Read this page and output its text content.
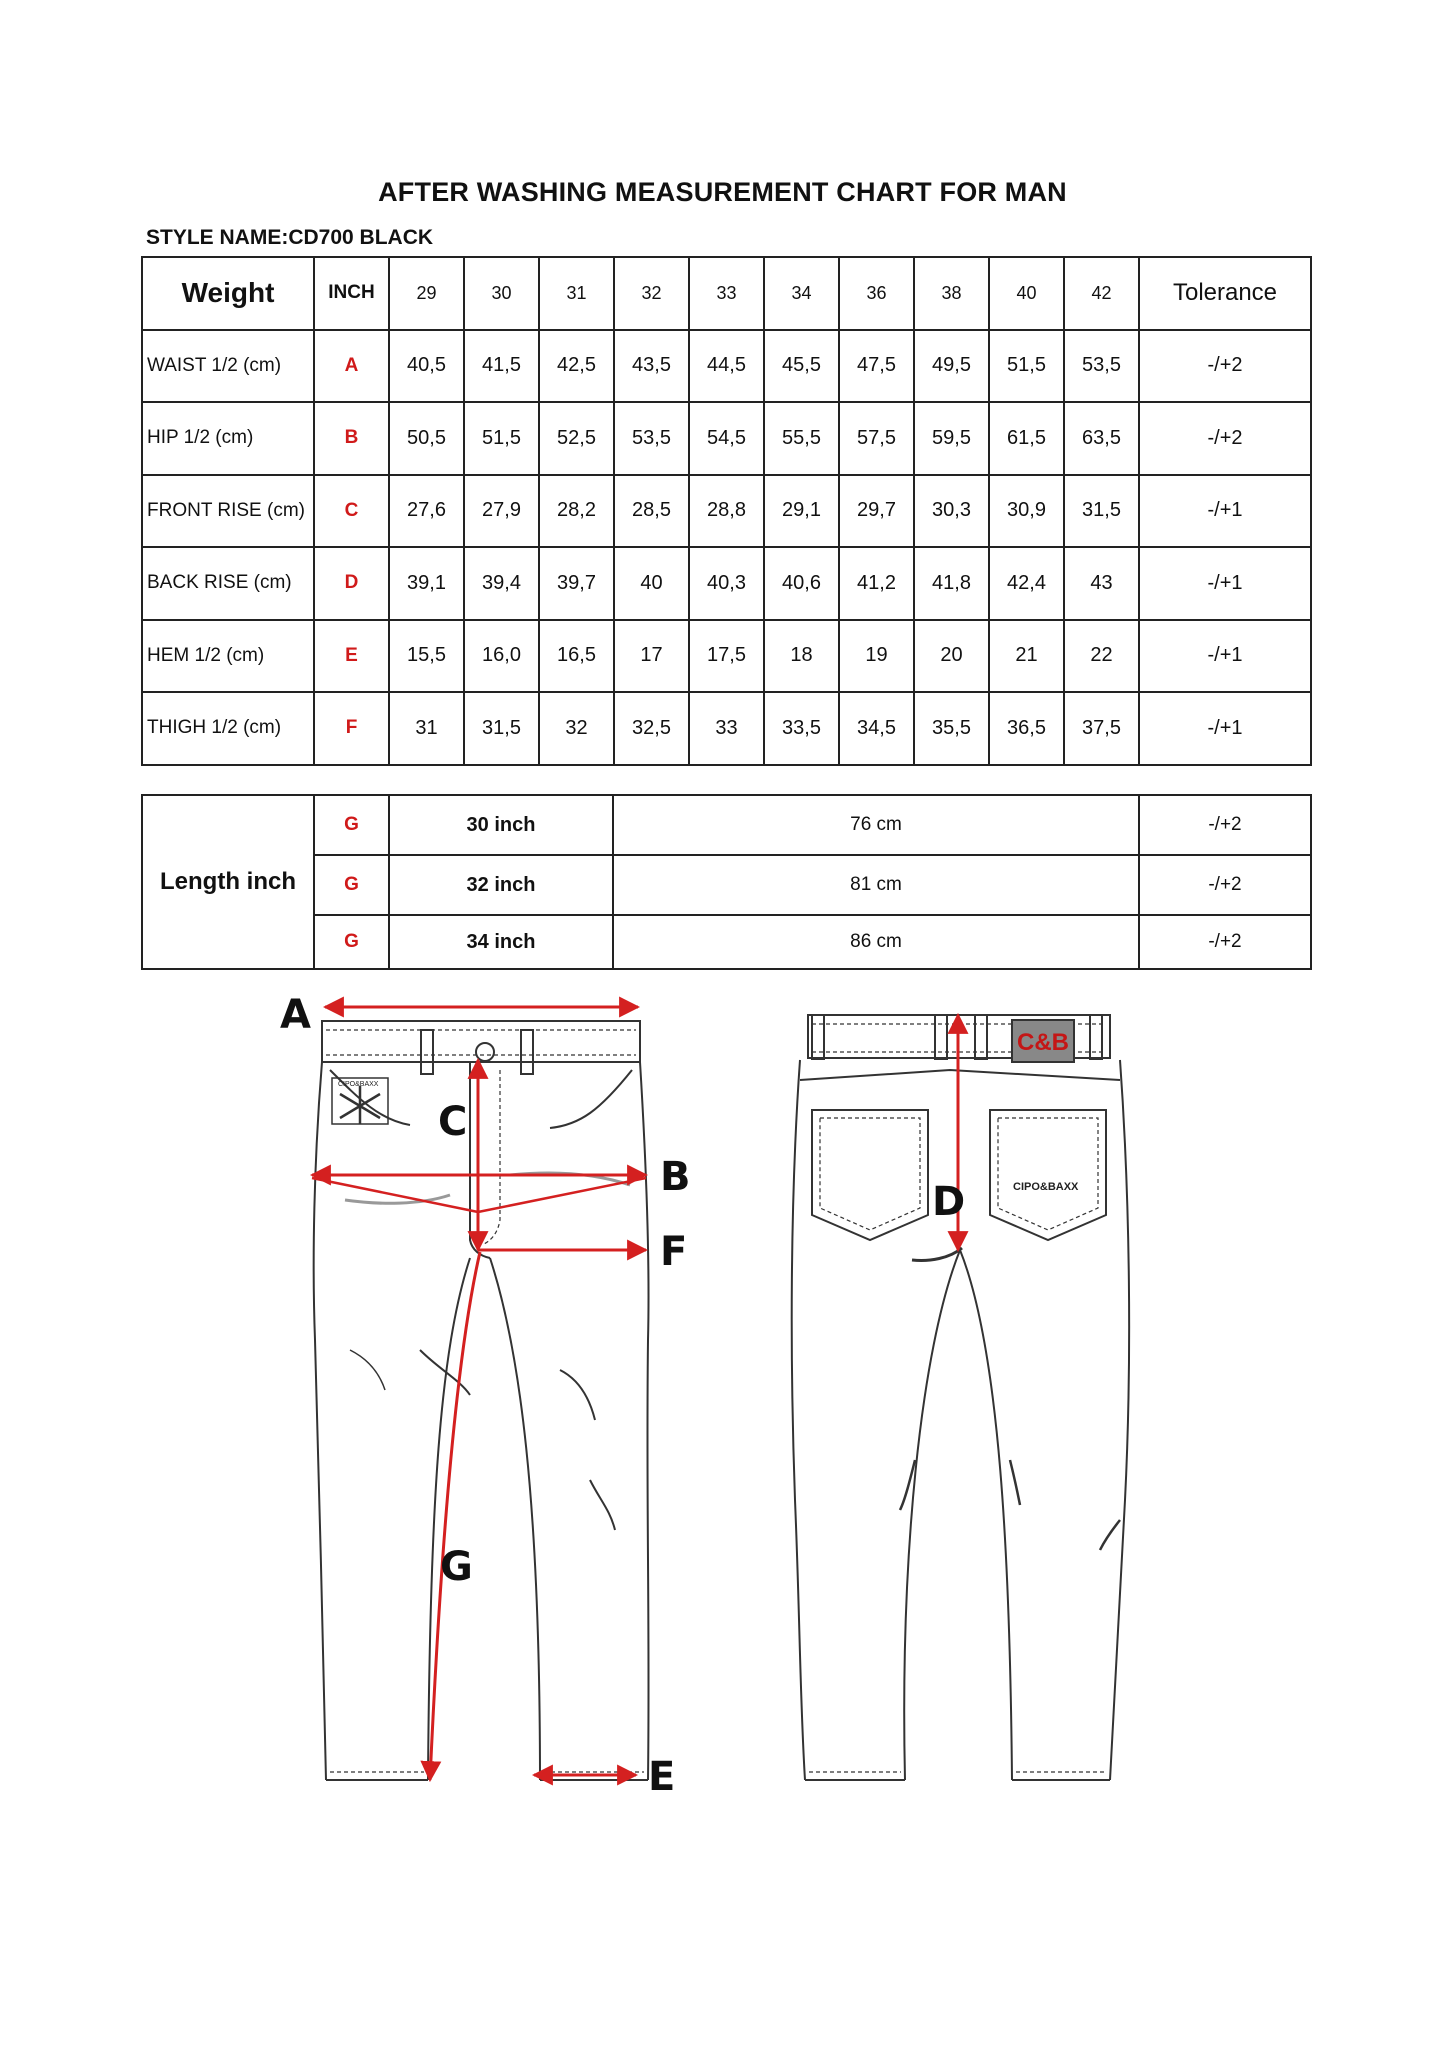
AFTER WASHING MEASUREMENT CHART FOR MAN
STYLE NAME:CD700 BLACK
Weight	INCH	29	30	31	32	33	34	36	38	40	42	Tolerance
WAIST 1/2 (cm)	A	40,5	41,5	42,5	43,5	44,5	45,5	47,5	49,5	51,5	53,5	-/+2
HIP 1/2 (cm)	B	50,5	51,5	52,5	53,5	54,5	55,5	57,5	59,5	61,5	63,5	-/+2
FRONT RISE (cm)	C	27,6	27,9	28,2	28,5	28,8	29,1	29,7	30,3	30,9	31,5	-/+1
BACK RISE (cm)	D	39,1	39,4	39,7	40	40,3	40,6	41,2	41,8	42,4	43	-/+1
HEM 1/2 (cm)	E	15,5	16,0	16,5	17	17,5	18	19	20	21	22	-/+1
THIGH 1/2 (cm)	F	31	31,5	32	32,5	33	33,5	34,5	35,5	36,5	37,5	-/+1
Length inch	G	30 inch	76 cm	-/+2
	G	32 inch	81 cm	-/+2
	G	34 inch	86 cm	-/+2
A
B
C
D
E
F
G
CIPO&BAXX
CIPO&BAXX
C&B
